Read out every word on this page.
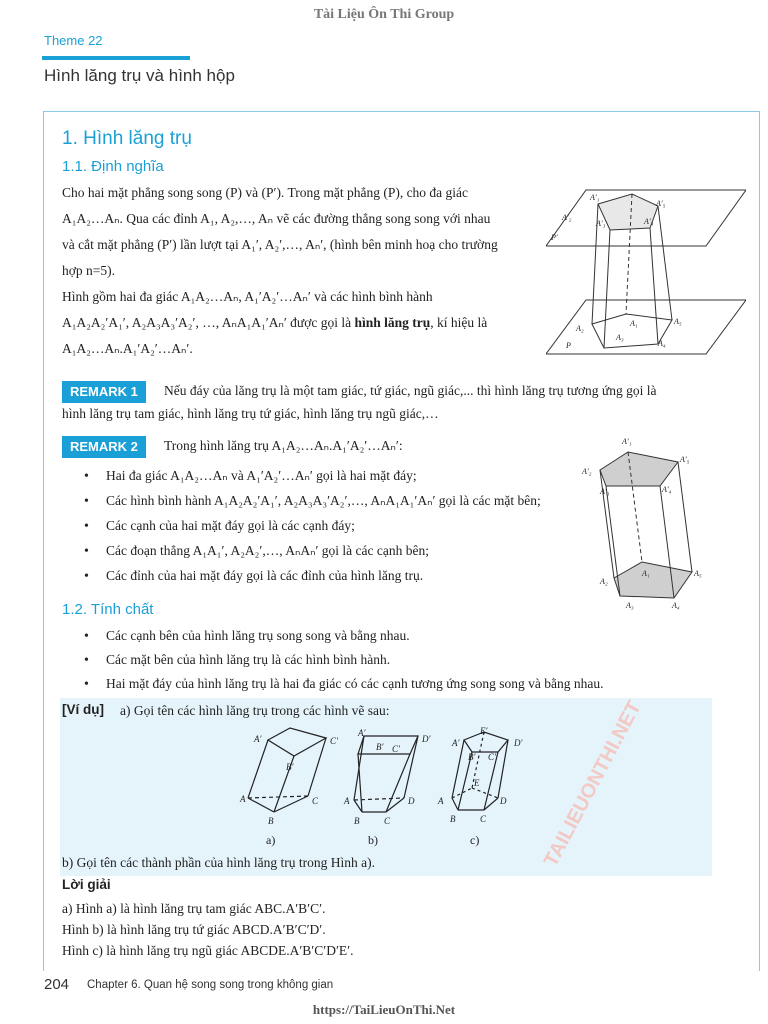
Tài Liệu Ôn Thi Group
Theme 22
Hình lăng trụ và hình hộp
1. Hình lăng trụ
1.1. Định nghĩa
Cho hai mặt phẳng song song (P) và (P′). Trong mặt phẳng (P), cho đa giác
A₁A₂…Aₙ. Qua các đỉnh A₁, A₂,…, Aₙ vẽ các đường thẳng song song với nhau
và cắt mặt phẳng (P′) lần lượt tại A₁′, A₂′,…, Aₙ′, (hình bên minh hoạ cho trường
hợp n=5).
Hình gồm hai đa giác A₁A₂…Aₙ, A₁′A₂′…Aₙ′ và các hình bình hành
A₁A₂A₂′A₁′, A₂A₃A₃′A₂′, …, AₙA₁A₁′Aₙ′ được gọi là hình lăng trụ, kí hiệu là
A₁A₂…Aₙ.A₁′A₂′…Aₙ′.
A′₁
A′₅
A′₂
A′₃	A′₄
P′
A₂
A₁	A₅
A₃
A₄
P
REMARK 1	Nếu đáy của lăng trụ là một tam giác, tứ giác, ngũ giác,... thì hình lăng trụ tương ứng gọi là
hình lăng trụ tam giác, hình lăng trụ tứ giác, hình lăng trụ ngũ giác,…
REMARK 2	Trong hình lăng trụ A₁A₂…Aₙ.A₁′A₂′…Aₙ′:
• Hai đa giác A₁A₂…Aₙ và A₁′A₂′…Aₙ′ gọi là hai mặt đáy;
• Các hình bình hành A₁A₂A₂′A₁′, A₂A₃A₃′A₂′,…, AₙA₁A₁′Aₙ′ gọi là các mặt bên;
• Các cạnh của hai mặt đáy gọi là các cạnh đáy;
• Các đoạn thẳng A₁A₁′, A₂A₂′,…, AₙAₙ′ gọi là các cạnh bên;
• Các đỉnh của hai mặt đáy gọi là các đỉnh của hình lăng trụ.
A′₁
A′₅
A′₂
A′₃	A′₄
A₁	A₅
A₂
A₃	A₄
1.2. Tính chất
• Các cạnh bên của hình lăng trụ song song và bằng nhau.
• Các mặt bên của hình lăng trụ là các hình bình hành.
• Hai mặt đáy của hình lăng trụ là hai đa giác có các cạnh tương ứng song song và bằng nhau.
[Ví dụ] a) Gọi tên các hình lăng trụ trong các hình vẽ sau:
A′	C′
B′
A	C
B
A′
D′
B′ C′
A	D
B	C
E′
A′	D′
B′ C′
E
A	D
B	C
a)	b)	c)
b) Gọi tên các thành phần của hình lăng trụ trong Hình a).
Lời giải
a) Hình a) là hình lăng trụ tam giác ABC.A′B′C′.
Hình b) là hình lăng trụ tứ giác ABCD.A′B′C′D′.
Hình c) là hình lăng trụ ngũ giác ABCDE.A′B′C′D′E′.
TAILIEUONTHI.NET
204 Chapter 6. Quan hệ song song trong không gian
https://TaiLieuOnThi.Net
